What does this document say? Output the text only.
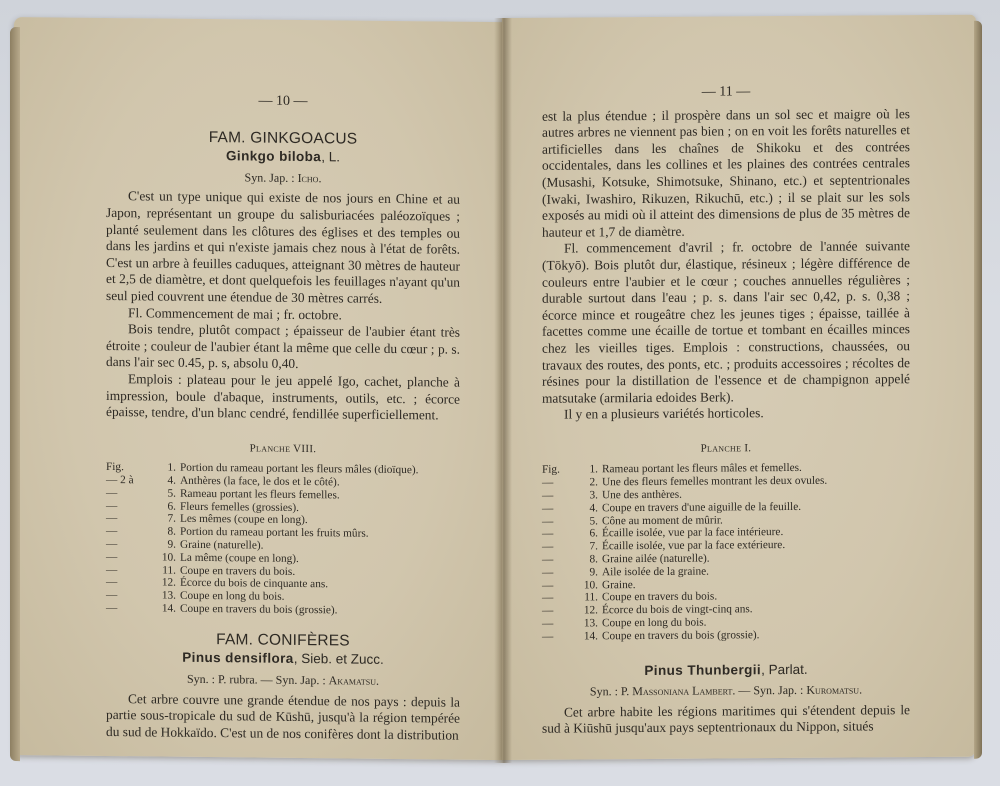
— 10 —
FAM. GINKGOACUS
Ginkgo biloba, L.
Syn. Jap. : Icho.

C'est un type unique qui existe de nos jours en Chine et au Japon, représentant un groupe du salisburiacées paléozoïques ; planté seulement dans les clôtures des églises et des temples ou dans les jardins et qui n'existe jamais chez nous à l'état de forêts. C'est un arbre à feuilles caduques, atteignant 30 mètres de hauteur et 2,5 de diamètre, et dont quelquefois les feuillages n'ayant qu'un seul pied couvrent une étendue de 30 mètres carrés.

Fl. Commencement de mai ; fr. octobre.

Bois tendre, plutôt compact ; épaisseur de l'aubier étant très étroite ; couleur de l'aubier étant la même que celle du cœur ; p. s. dans l'air sec 0.45, p. s, absolu 0,40.

Emplois : plateau pour le jeu appelé Igo, cachet, planche à impression, boule d'abaque, instruments, outils, etc. ; écorce épaisse, tendre, d'un blanc cendré, fendillée superficiellement.

Planche VIII.
Fig.	1. Portion du rameau portant les fleurs mâles (dioïque).
— 2 à	4. Anthères (la face, le dos et le côté).
—	5. Rameau portant les fleurs femelles.
—	6. Fleurs femelles (grossies).
—	7. Les mêmes (coupe en long).
—	8. Portion du rameau portant les fruits mûrs.
—	9. Graine (naturelle).
—	10. La même (coupe en long).
—	11. Coupe en travers du bois.
—	12. Écorce du bois de cinquante ans.
—	13. Coupe en long du bois.
—	14. Coupe en travers du bois (grossie).
FAM. CONIFÈRES
Pinus densiflora, Sieb. et Zucc.
Syn. : P. rubra. — Syn. Jap. : Akamatsu.

Cet arbre couvre une grande étendue de nos pays : depuis la partie sous-tropicale du sud de Kūshū, jusqu'à la région tempérée du sud de Hokkaïdo. C'est un de nos conifères dont la distribution

— 11 —

est la plus étendue ; il prospère dans un sol sec et maigre où les autres arbres ne viennent pas bien ; on en voit les forêts naturelles et artificielles dans les chaînes de Shikoku et des contrées occidentales, dans les collines et les plaines des contrées centrales (Musashi, Kotsuke, Shimotsuke, Shinano, etc.) et septentrionales (Iwaki, Iwashiro, Rikuzen, Rikuchū, etc.) ; il se plait sur les sols exposés au midi où il atteint des dimensions de plus de 35 mètres de hauteur et 1,7 de diamètre.

Fl. commencement d'avril ; fr. octobre de l'année suivante (Tōkyō). Bois plutôt dur, élastique, résineux ; légère différence de couleurs entre l'aubier et le cœur ; couches annuelles régulières ; durable surtout dans l'eau ; p. s. dans l'air sec 0,42, p. s. 0,38 ; écorce mince et rougeâtre chez les jeunes tiges ; épaisse, taillée à facettes comme une écaille de tortue et tombant en écailles minces chez les vieilles tiges. Emplois : constructions, chaussées, ou travaux des routes, des ponts, etc. ; produits accessoires ; récoltes de résines pour la distillation de l'essence et de champignon appelé matsutake (armilaria edoides Berk).

Il y en a plusieurs variétés horticoles.

Planche I.
Fig.	1. Rameau portant les fleurs mâles et femelles.
—	2. Une des fleurs femelles montrant les deux ovules.
—	3. Une des anthères.
—	4. Coupe en travers d'une aiguille de la feuille.
—	5. Cône au moment de mûrir.
—	6. Écaille isolée, vue par la face intérieure.
—	7. Écaille isolée, vue par la face extérieure.
—	8. Graine ailée (naturelle).
—	9. Aile isolée de la graine.
—	10. Graine.
—	11. Coupe en travers du bois.
—	12. Écorce du bois de vingt-cinq ans.
—	13. Coupe en long du bois.
—	14. Coupe en travers du bois (grossie).
Pinus Thunbergii, Parlat.
Syn. : P. Massoniana Lambert. — Syn. Jap. : Kuromatsu.

Cet arbre habite les régions maritimes qui s'étendent depuis le sud à Kiūshū jusqu'aux pays septentrionaux du Nippon, situés
